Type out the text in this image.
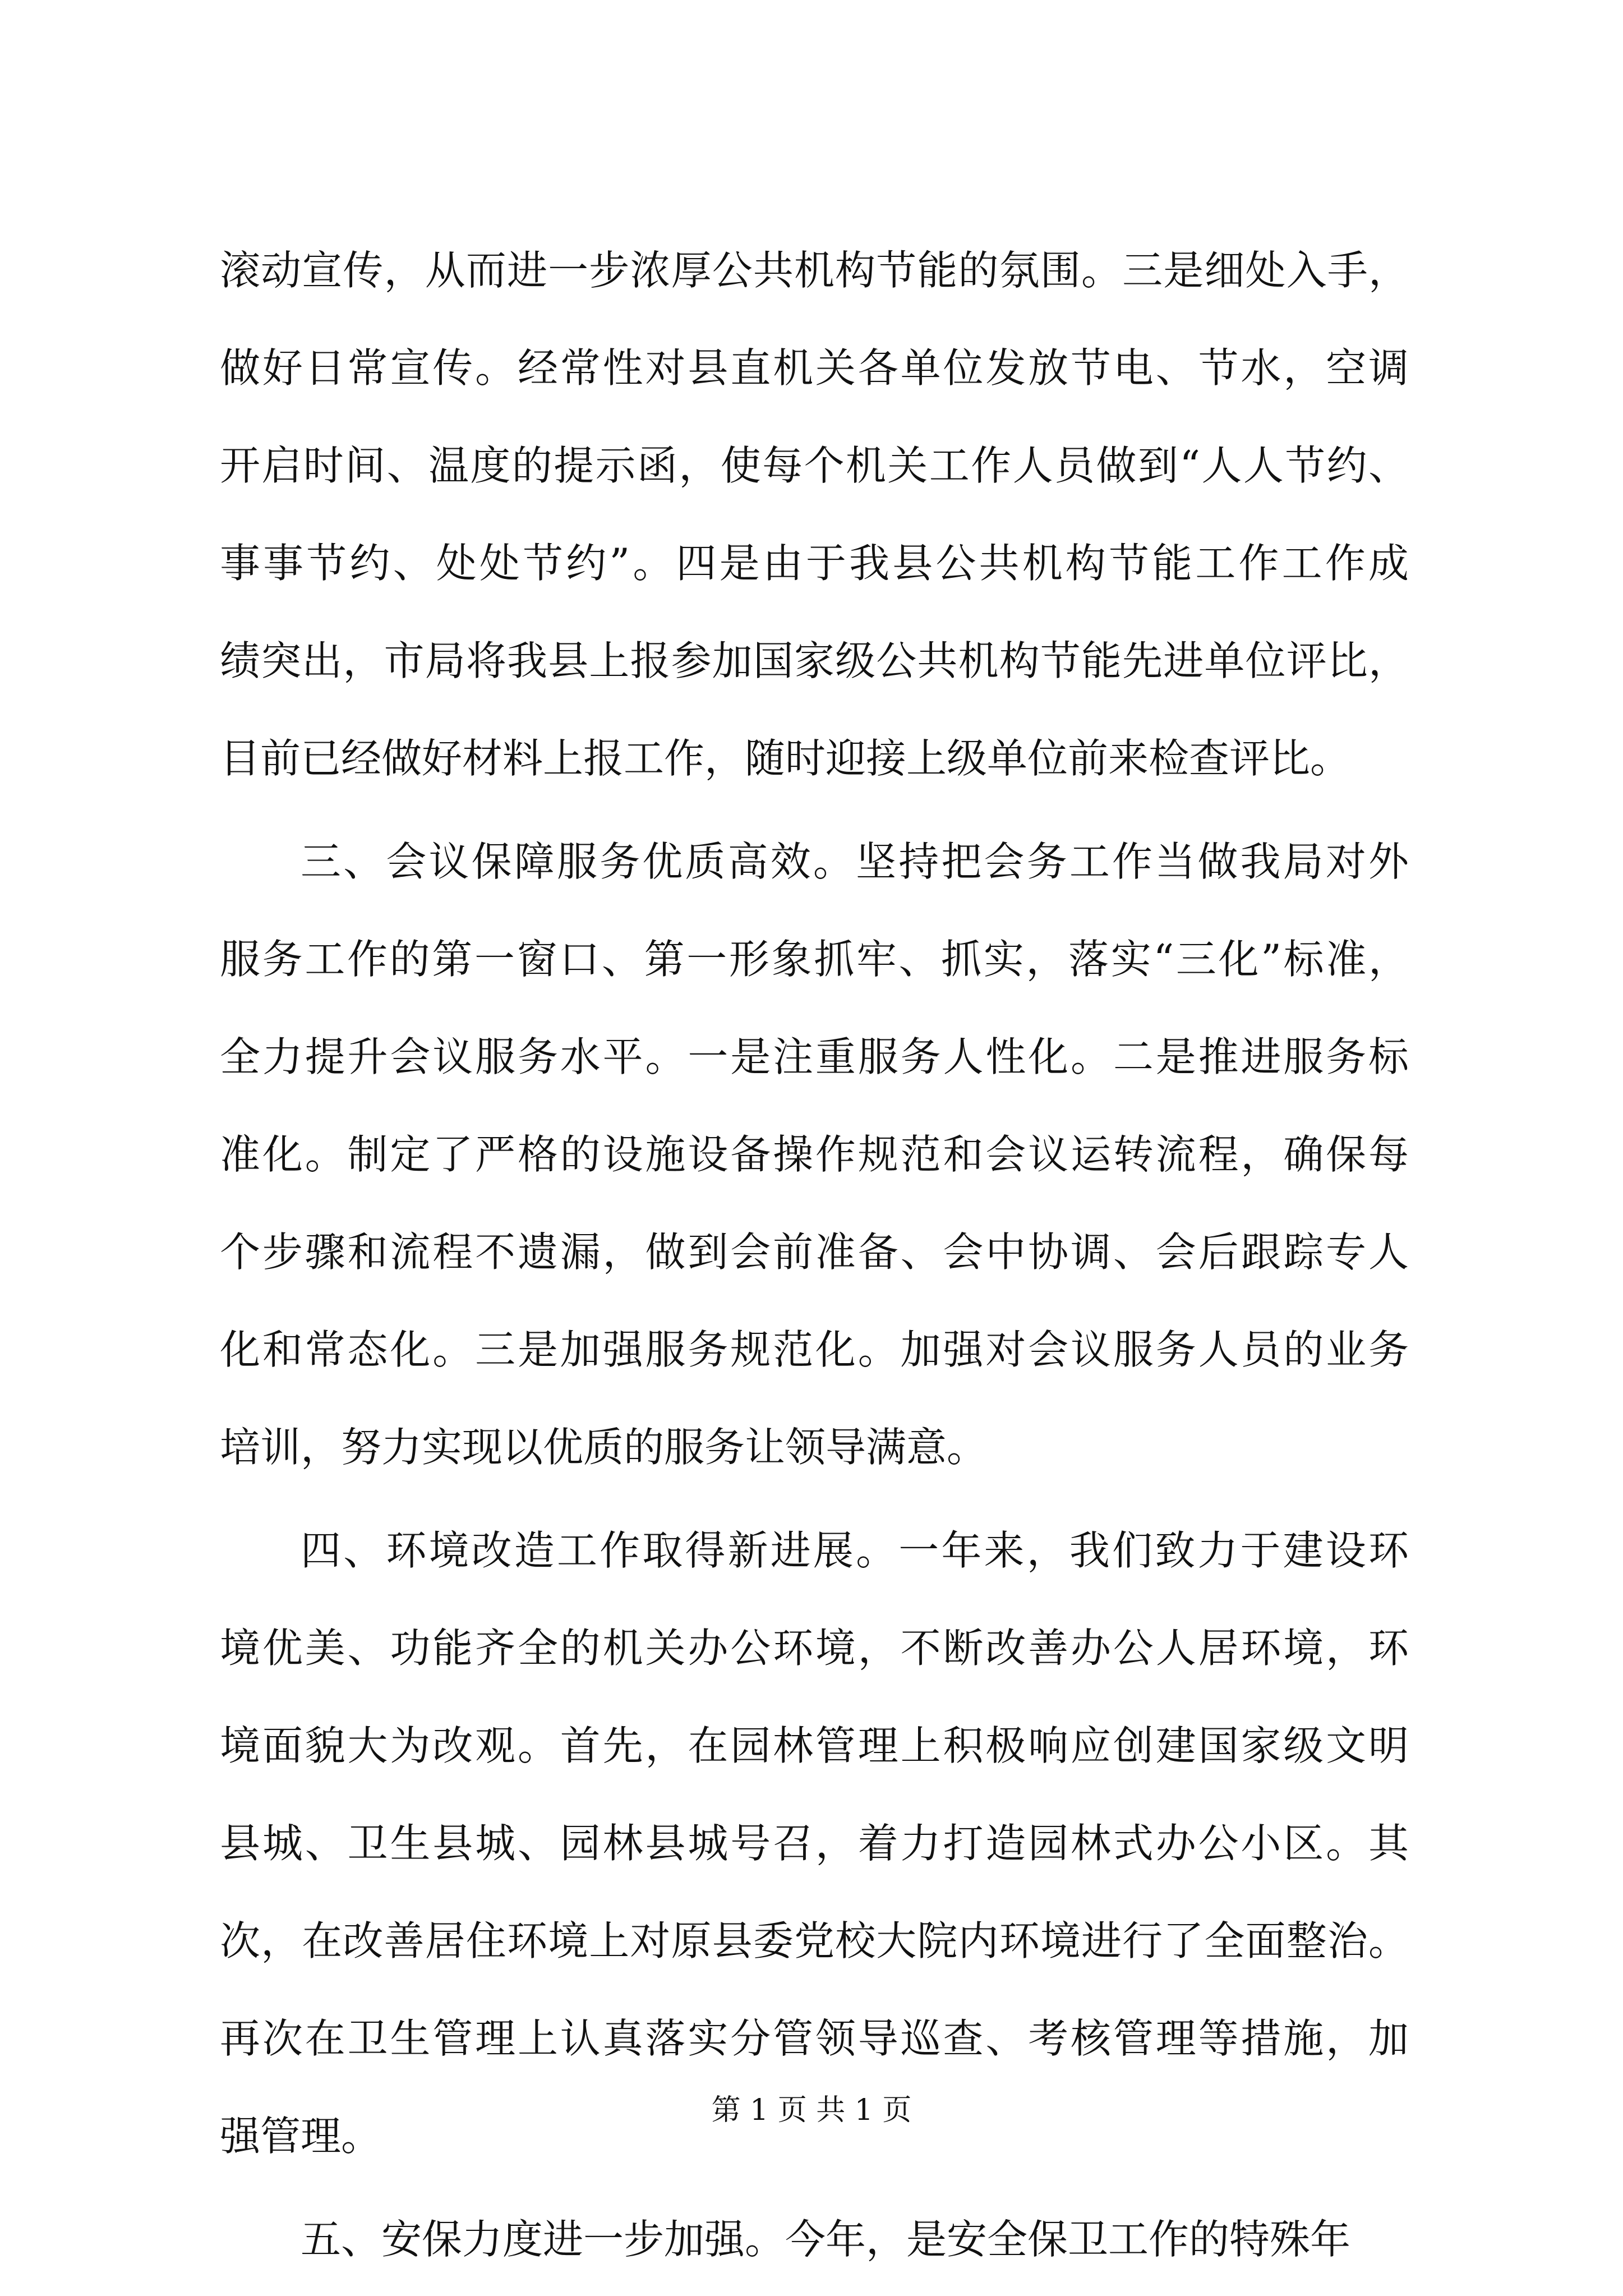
滚动宣传，从而进一步浓厚公共机构节能的氛围。三是细处入手，
做好日常宣传。经常性对县直机关各单位发放节电、节水，空调
开启时间、温度的提示函，使每个机关工作人员做到“人人节约、
事事节约、处处节约”。四是由于我县公共机构节能工作工作成
绩突出，市局将我县上报参加国家级公共机构节能先进单位评比，
目前已经做好材料上报工作，随时迎接上级单位前来检查评比。
三、会议保障服务优质高效。坚持把会务工作当做我局对外
服务工作的第一窗口、第一形象抓牢、抓实，落实“三化”标准，
全力提升会议服务水平。一是注重服务人性化。二是推进服务标
准化。制定了严格的设施设备操作规范和会议运转流程，确保每
个步骤和流程不遗漏，做到会前准备、会中协调、会后跟踪专人
化和常态化。三是加强服务规范化。加强对会议服务人员的业务
培训，努力实现以优质的服务让领导满意。
四、环境改造工作取得新进展。一年来，我们致力于建设环
境优美、功能齐全的机关办公环境，不断改善办公人居环境，环
境面貌大为改观。首先，在园林管理上积极响应创建国家级文明
县城、卫生县城、园林县城号召，着力打造园林式办公小区。其
次，在改善居住环境上对原县委党校大院内环境进行了全面整治。
再次在卫生管理上认真落实分管领导巡查、考核管理等措施，加
强管理。
五、安保力度进一步加强。今年，是安全保卫工作的特殊年
第 1 页 共 1 页
